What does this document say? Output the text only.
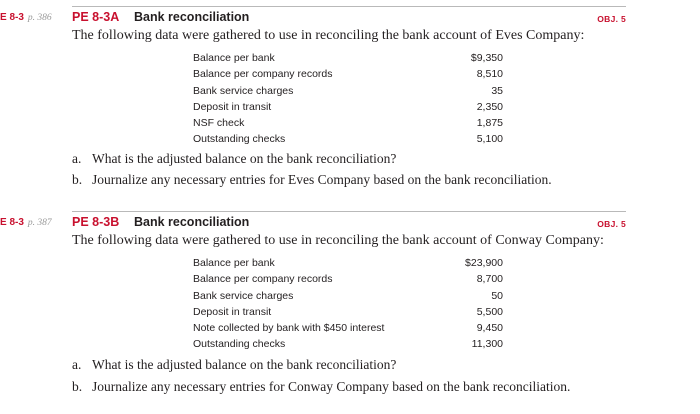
E 8-3 p. 386 PE 8-3A Bank reconciliation	OBJ. 5
The following data were gathered to use in reconciling the bank account of Eves Company:
Balance per bank	$9,350
Balance per company records	8,510
Bank service charges	35
Deposit in transit	2,350
NSF check	1,875
Outstanding checks	5,100
a. What is the adjusted balance on the bank reconciliation?
b. Journalize any necessary entries for Eves Company based on the bank reconciliation.
E 8-3 p. 387 PE 8-3B Bank reconciliation	OBJ. 5
The following data were gathered to use in reconciling the bank account of Conway Company:
Balance per bank	$23,900
Balance per company records	8,700
Bank service charges	50
Deposit in transit	5,500
Note collected by bank with $450 interest	9,450
Outstanding checks	11,300
a. What is the adjusted balance on the bank reconciliation?
b. Journalize any necessary entries for Conway Company based on the bank reconciliation.
